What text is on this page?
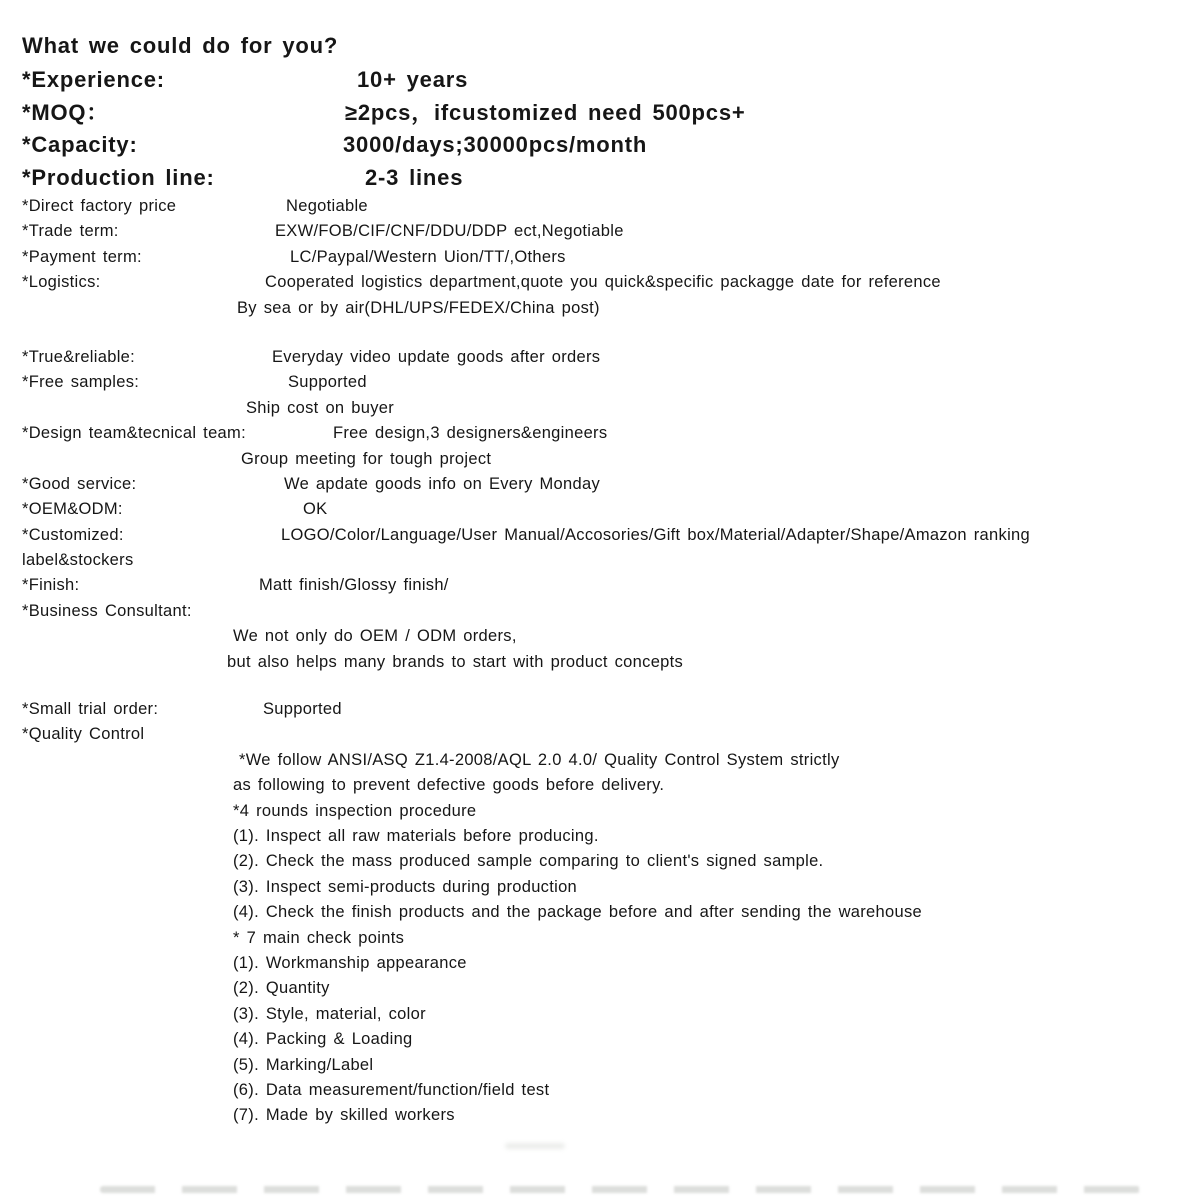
What we could do for you?
*Experience:	10+ years
*MOQ：	≥2pcs，ifcustomized need 500pcs+
*Capacity:	3000/days;30000pcs/month
*Production line:	2-3 lines
*Direct factory price	Negotiable
*Trade term:	EXW/FOB/CIF/CNF/DDU/DDP ect,Negotiable
*Payment term:	LC/Paypal/Western Uion/TT/,Others
*Logistics:	Cooperated logistics department,quote you quick&specific packagge date for reference
By sea or by air(DHL/UPS/FEDEX/China post)
*True&reliable:	Everyday video update goods after orders
*Free samples:	Supported
Ship cost on buyer
*Design team&tecnical team:	Free design,3 designers&engineers
Group meeting for tough project
*Good service:	We apdate goods info on Every Monday
*OEM&ODM:	OK
*Customized:	LOGO/Color/Language/User Manual/Accosories/Gift box/Material/Adapter/Shape/Amazon ranking
label&stockers
*Finish:	Matt finish/Glossy finish/
*Business Consultant:
We not only do OEM / ODM orders,
but also helps many brands to start with product concepts
*Small trial order:	Supported
*Quality Control
*We follow ANSI/ASQ Z1.4-2008/AQL 2.0 4.0/ Quality Control System strictly
as following to prevent defective goods before delivery.
*4 rounds inspection procedure
(1). Inspect all raw materials before producing.
(2). Check the mass produced sample comparing to client's signed sample.
(3). Inspect semi-products during production
(4). Check the finish products and the package before and after sending the warehouse
* 7 main check points
(1). Workmanship appearance
(2). Quantity
(3). Style, material, color
(4). Packing & Loading
(5). Marking/Label
(6). Data measurement/function/field test
(7). Made by skilled workers
